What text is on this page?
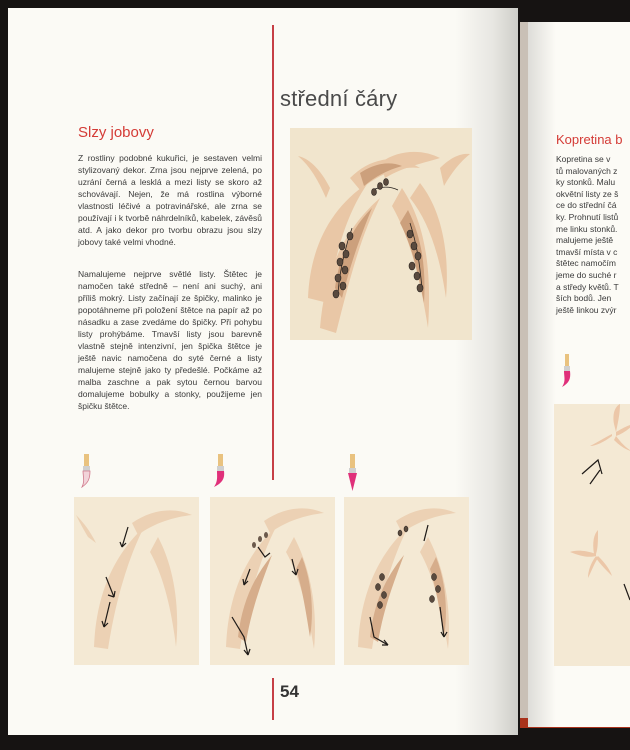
střední čáry
Slzy jobovy

Z rostliny podobné kukuřici, je sestaven velmi stylizovaný dekor. Zrna jsou nejprve zelená, po uzrání černá a lesklá a mezi listy se skoro až schovávají. Nejen, že má rostlina výborné vlastnosti léčivé a potravinářské, ale zrna se používají i k tvorbě náhrdelníků, kabelek, závěsů atd. A jako dekor pro tvorbu obrazu jsou slzy jobovy také velmi vhodné.

Namalujeme nejprve světlé listy. Štětec je namočen také středně – není ani suchý, ani příliš mokrý. Listy začínají ze špičky, malinko je popotáhneme při položení štětce na papír až po násadku a zase zvedáme do špičky. Při pohybu listy prohýbáme. Tmavší listy jsou barevně vlastně stejně intenzivní, jen špička štětce je ještě navic namočena do syté černé a listy malujeme stejně jako ty předešlé. Počkáme až malba zaschne a pak sytou černou barvou domalujeme bobulky a stonky, použijeme jen špičku štětce.

54
Kopretina b
Kopretina se v
tů malovaných z
ky stonků. Malu
okvětní listy ze š
ce do střední čá
ky. Prohnutí listů
me linku stonků.
malujeme ještě
tmavší místa v c
štětec namočím
jeme do suché r
a středy květů. T
ších bodů. Jen
ještě linkou zvýr
